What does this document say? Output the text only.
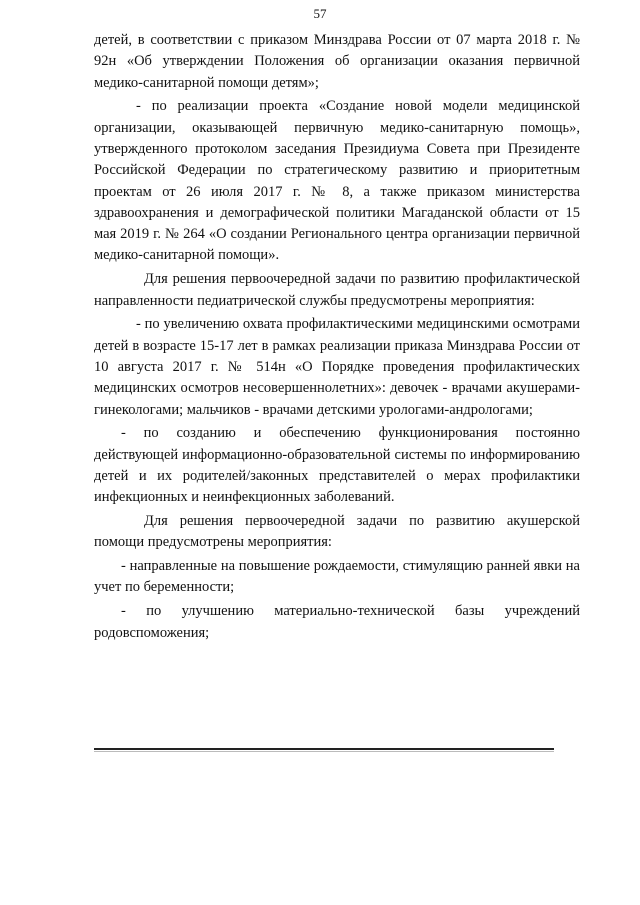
57

детей, в соответствии с приказом Минздрава России от 07 марта 2018 г. № 92н «Об утверждении Положения об организации оказания первичной медико-санитарной помощи детям»;

- по реализации проекта «Создание новой модели медицинской организации, оказывающей первичную медико-санитарную помощь», утвержденного протоколом заседания Президиума Совета при Президенте Российской Федерации по стратегическому развитию и приоритетным проектам от 26 июля 2017 г. № 8, а также приказом министерства здравоохранения и демографической политики Магаданской области от 15 мая 2019 г. № 264 «О создании Регионального центра организации первичной медико-санитарной помощи».

Для решения первоочередной задачи по развитию профилактической направленности педиатрической службы предусмотрены мероприятия:

- по увеличению охвата профилактическими медицинскими осмотрами детей в возрасте 15-17 лет в рамках реализации приказа Минздрава России от 10 августа 2017 г. № 514н «О Порядке проведения профилактических медицинских осмотров несовершеннолетних»: девочек - врачами акушерами-гинекологами; мальчиков - врачами детскими урологами-андрологами;

- по созданию и обеспечению функционирования постоянно действующей информационно-образовательной системы по информированию детей и их родителей/законных представителей о мерах профилактики инфекционных и неинфекционных заболеваний.

Для решения первоочередной задачи по развитию акушерской помощи предусмотрены мероприятия:

- направленные на повышение рождаемости, стимулящию ранней явки на учет по беременности;

- по улучшению материально-технической базы учреждений родовспоможения;
